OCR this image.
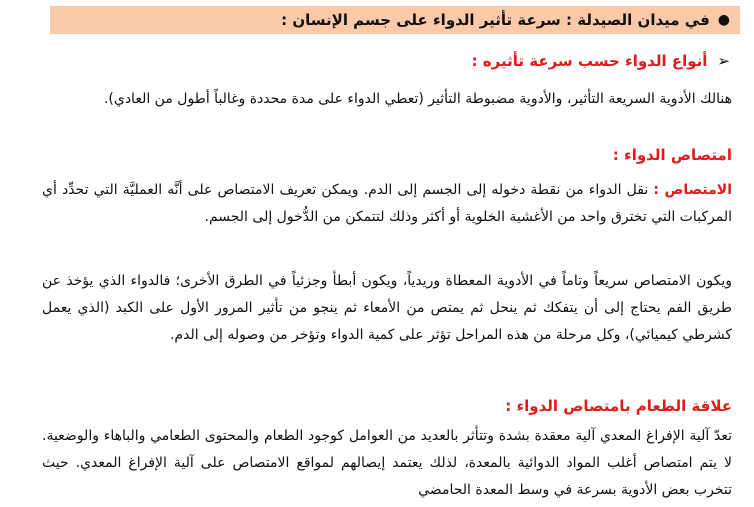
●
في ميدان الصيدلة : سرعة تأثير الدواء على جسم الإنسان :
➢
أنواع الدواء حسب سرعة تأثيره :
هنالك الأدوية السريعة التأثير، والأدوية مضبوطة التأثير (تعطي الدواء على مدة محددة وغالباً أطول من العادي).
امتصاص الدواء :
الامتصاص : نقل الدواء من نقطة دخوله إلى الجسم إلى الدم. ويمكن تعريف الامتصاص على أنَّه العمليَّة التي تحدِّد أي المركبات التي تخترق واحد من الأغشية الخلوية أو أكثر وذلك لتتمكن من الدُّخول إلى الجسم.
ويكون الامتصاص سريعاً وتاماً في الأدوية المعطاة وريدياً، ويكون أبطأ وجزئياً في الطرق الأخرى؛ فالدواء الذي يؤخذ عن طريق الفم يحتاج إلى أن يتفكك ثم ينحل ثم يمتص من الأمعاء ثم ينجو من تأثير المرور الأول على الكبد (الذي يعمل كشرطي كيميائي)، وكل مرحلة من هذه المراحل تؤثر على كمية الدواء وتؤخر من وصوله إلى الدم.
علاقة الطعام بامتصاص الدواء :
تعدّ آلية الإفراغ المعدي آلية معقدة بشدة وتتأثر بالعديد من العوامل كوجود الطعام والمحتوى الطعامي والباهاء والوضعية. لا يتم امتصاص أغلب المواد الدوائية بالمعدة، لذلك يعتمد إيصالهم لمواقع الامتصاص على آلية الإفراغ المعدي. حيث تتخرب بعض الأدوية بسرعة في وسط المعدة الحامضي
